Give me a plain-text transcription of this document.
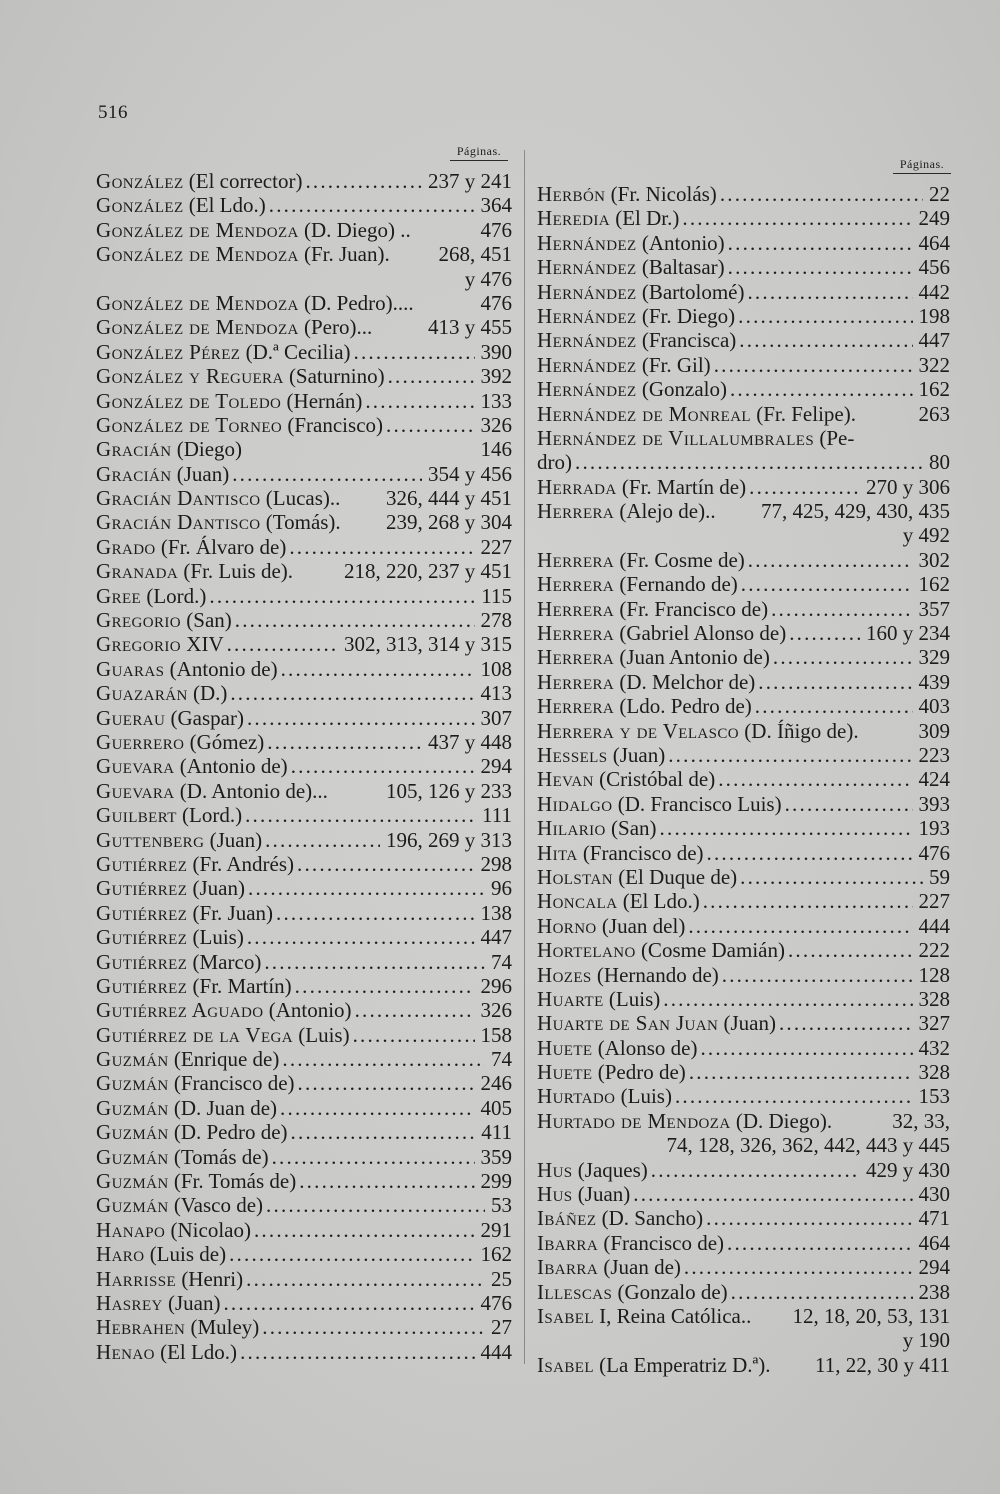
516
Páginas.
Páginas.
González (El corrector) .....	237 y 241
González (El Ldo.) .....	364
González de Mendoza (D. Diego) ..	476
González de Mendoza (Fr. Juan). 268, 451
y 476
González de Mendoza (D. Pedro)....	476
González de Mendoza (Pero)...	413 y 455
González Pérez (D.ª Cecilia) .....	390
González y Reguera (Saturnino) .....	392
González de Toledo (Hernán) .....	133
González de Torneo (Francisco) .....	326
Gracián (Diego)	146
Gracián (Juan) .....	354 y 456
Gracián Dantisco (Lucas).. 326, 444 y 451
Gracián Dantisco (Tomás). 239, 268 y 304
Grado (Fr. Álvaro de) .....	227
Granada (Fr. Luis de). 218, 220, 237 y 451
Gree (Lord.) .....	115
Gregorio (San) .....	278
Gregorio XIV .....	302, 313, 314 y 315
Guaras (Antonio de) .....	108
Guazarán (D.) .....	413
Guerau (Gaspar) .....	307
Guerrero (Gómez) .....	437 y 448
Guevara (Antonio de) .....	294
Guevara (D. Antonio de)...	105, 126 y 233
Guilbert (Lord.) .....	111
Guttenberg (Juan) .....	196, 269 y 313
Gutiérrez (Fr. Andrés) .....	298
Gutiérrez (Juan) .....	96
Gutiérrez (Fr. Juan) .....	138
Gutiérrez (Luis) .....	447
Gutiérrez (Marco) .....	74
Gutiérrez (Fr. Martín) .....	296
Gutiérrez Aguado (Antonio) .....	326
Gutiérrez de la Vega (Luis) .....	158
Guzmán (Enrique de) .....	74
Guzmán (Francisco de) .....	246
Guzmán (D. Juan de) .....	405
Guzmán (D. Pedro de) .....	411
Guzmán (Tomás de) .....	359
Guzmán (Fr. Tomás de) .....	299
Guzmán (Vasco de) .....	53
Hanapo (Nicolao) .....	291
Haro (Luis de) .....	162
Harrisse (Henri) .....	25
Hasrey (Juan) .....	476
Hebrahen (Muley) .....	27
Henao (El Ldo.) .....	444
Herbón (Fr. Nicolás) .....	22
Heredia (El Dr.) .....	249
Hernández (Antonio) .....	464
Hernández (Baltasar) .....	456
Hernández (Bartolomé) .....	442
Hernández (Fr. Diego) .....	198
Hernández (Francisca) .....	447
Hernández (Fr. Gil) .....	322
Hernández (Gonzalo) .....	162
Hernández de Monreal (Fr. Felipe).	263
Hernández de Villalumbrales (Pe-
dro) .....	80
Herrada (Fr. Martín de) .....	270 y 306
Herrera (Alejo de).. 77, 425, 429, 430, 435
y 492
Herrera (Fr. Cosme de) .....	302
Herrera (Fernando de) .....	162
Herrera (Fr. Francisco de) .....	357
Herrera (Gabriel Alonso de) .....	160 y 234
Herrera (Juan Antonio de) .....	329
Herrera (D. Melchor de) .....	439
Herrera (Ldo. Pedro de) .....	403
Herrera y de Velasco (D. Íñigo de).	309
Hessels (Juan) .....	223
Hevan (Cristóbal de) .....	424
Hidalgo (D. Francisco Luis) .....	393
Hilario (San) .....	193
Hita (Francisco de) .....	476
Holstan (El Duque de) .....	59
Honcala (El Ldo.) .....	227
Horno (Juan del) .....	444
Hortelano (Cosme Damián) .....	222
Hozes (Hernando de) .....	128
Huarte (Luis) .....	328
Huarte de San Juan (Juan) .....	327
Huete (Alonso de) .....	432
Huete (Pedro de) .....	328
Hurtado (Luis) .....	153
Hurtado de Mendoza (D. Diego).	32, 33,
74, 128, 326, 362, 442, 443 y 445
Hus (Jaques) .....	429 y 430
Hus (Juan) .....	430
Ibáñez (D. Sancho) .....	471
Ibarra (Francisco de) .....	464
Ibarra (Juan de) .....	294
Illescas (Gonzalo de) .....	238
Isabel I, Reina Católica.. 12, 18, 20, 53, 131
y 190
Isabel (La Emperatriz D.ª). 11, 22, 30 y 411
